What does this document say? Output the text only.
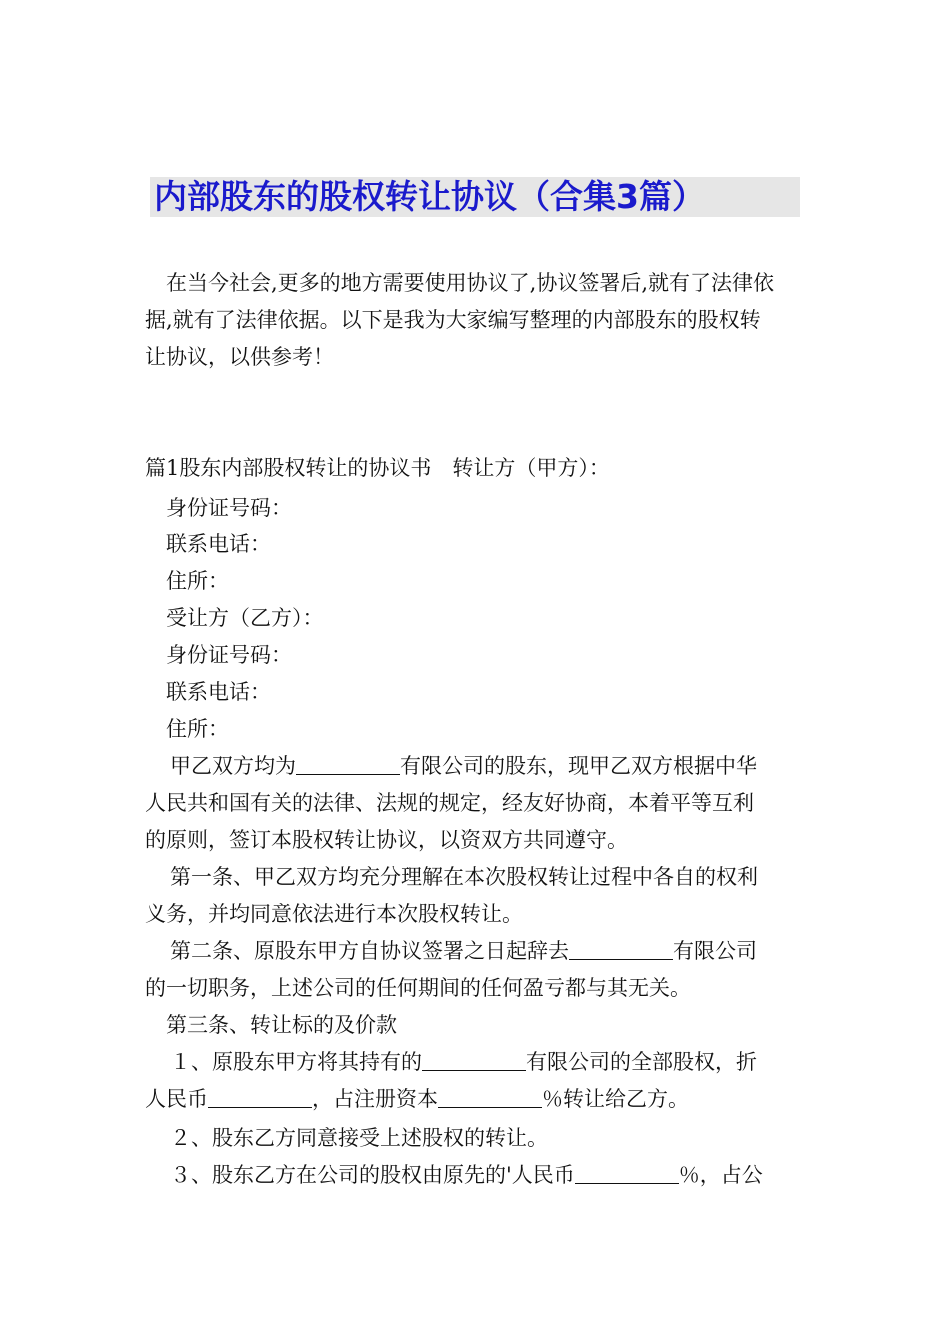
内部股东的股权转让协议（合集3篇）
在当今社会,更多的地方需要使用协议了,协议签署后,就有了法律依
据,就有了法律依据。以下是我为大家编写整理的内部股东的股权转
让协议，以供参考！
篇1股东内部股权转让的协议书　转让方（甲方）：
身份证号码：
联系电话：
住所：
受让方（乙方）：
身份证号码：
联系电话：
住所：
甲乙双方均为	有限公司的股东，现甲乙双方根据中华
人民共和国有关的法律、法规的规定，经友好协商，本着平等互利
的原则，签订本股权转让协议，以资双方共同遵守。
第一条、甲乙双方均充分理解在本次股权转让过程中各自的权利
义务，并均同意依法进行本次股权转让。
第二条、原股东甲方自协议签署之日起辞去	有限公司
的一切职务，上述公司的任何期间的任何盈亏都与其无关。
第三条、转让标的及价款
１、原股东甲方将其持有的	有限公司的全部股权，折
人民币	，占注册资本	％转让给乙方。
２、股东乙方同意接受上述股权的转让。
３、股东乙方在公司的股权由原先的'人民币	％，占公
